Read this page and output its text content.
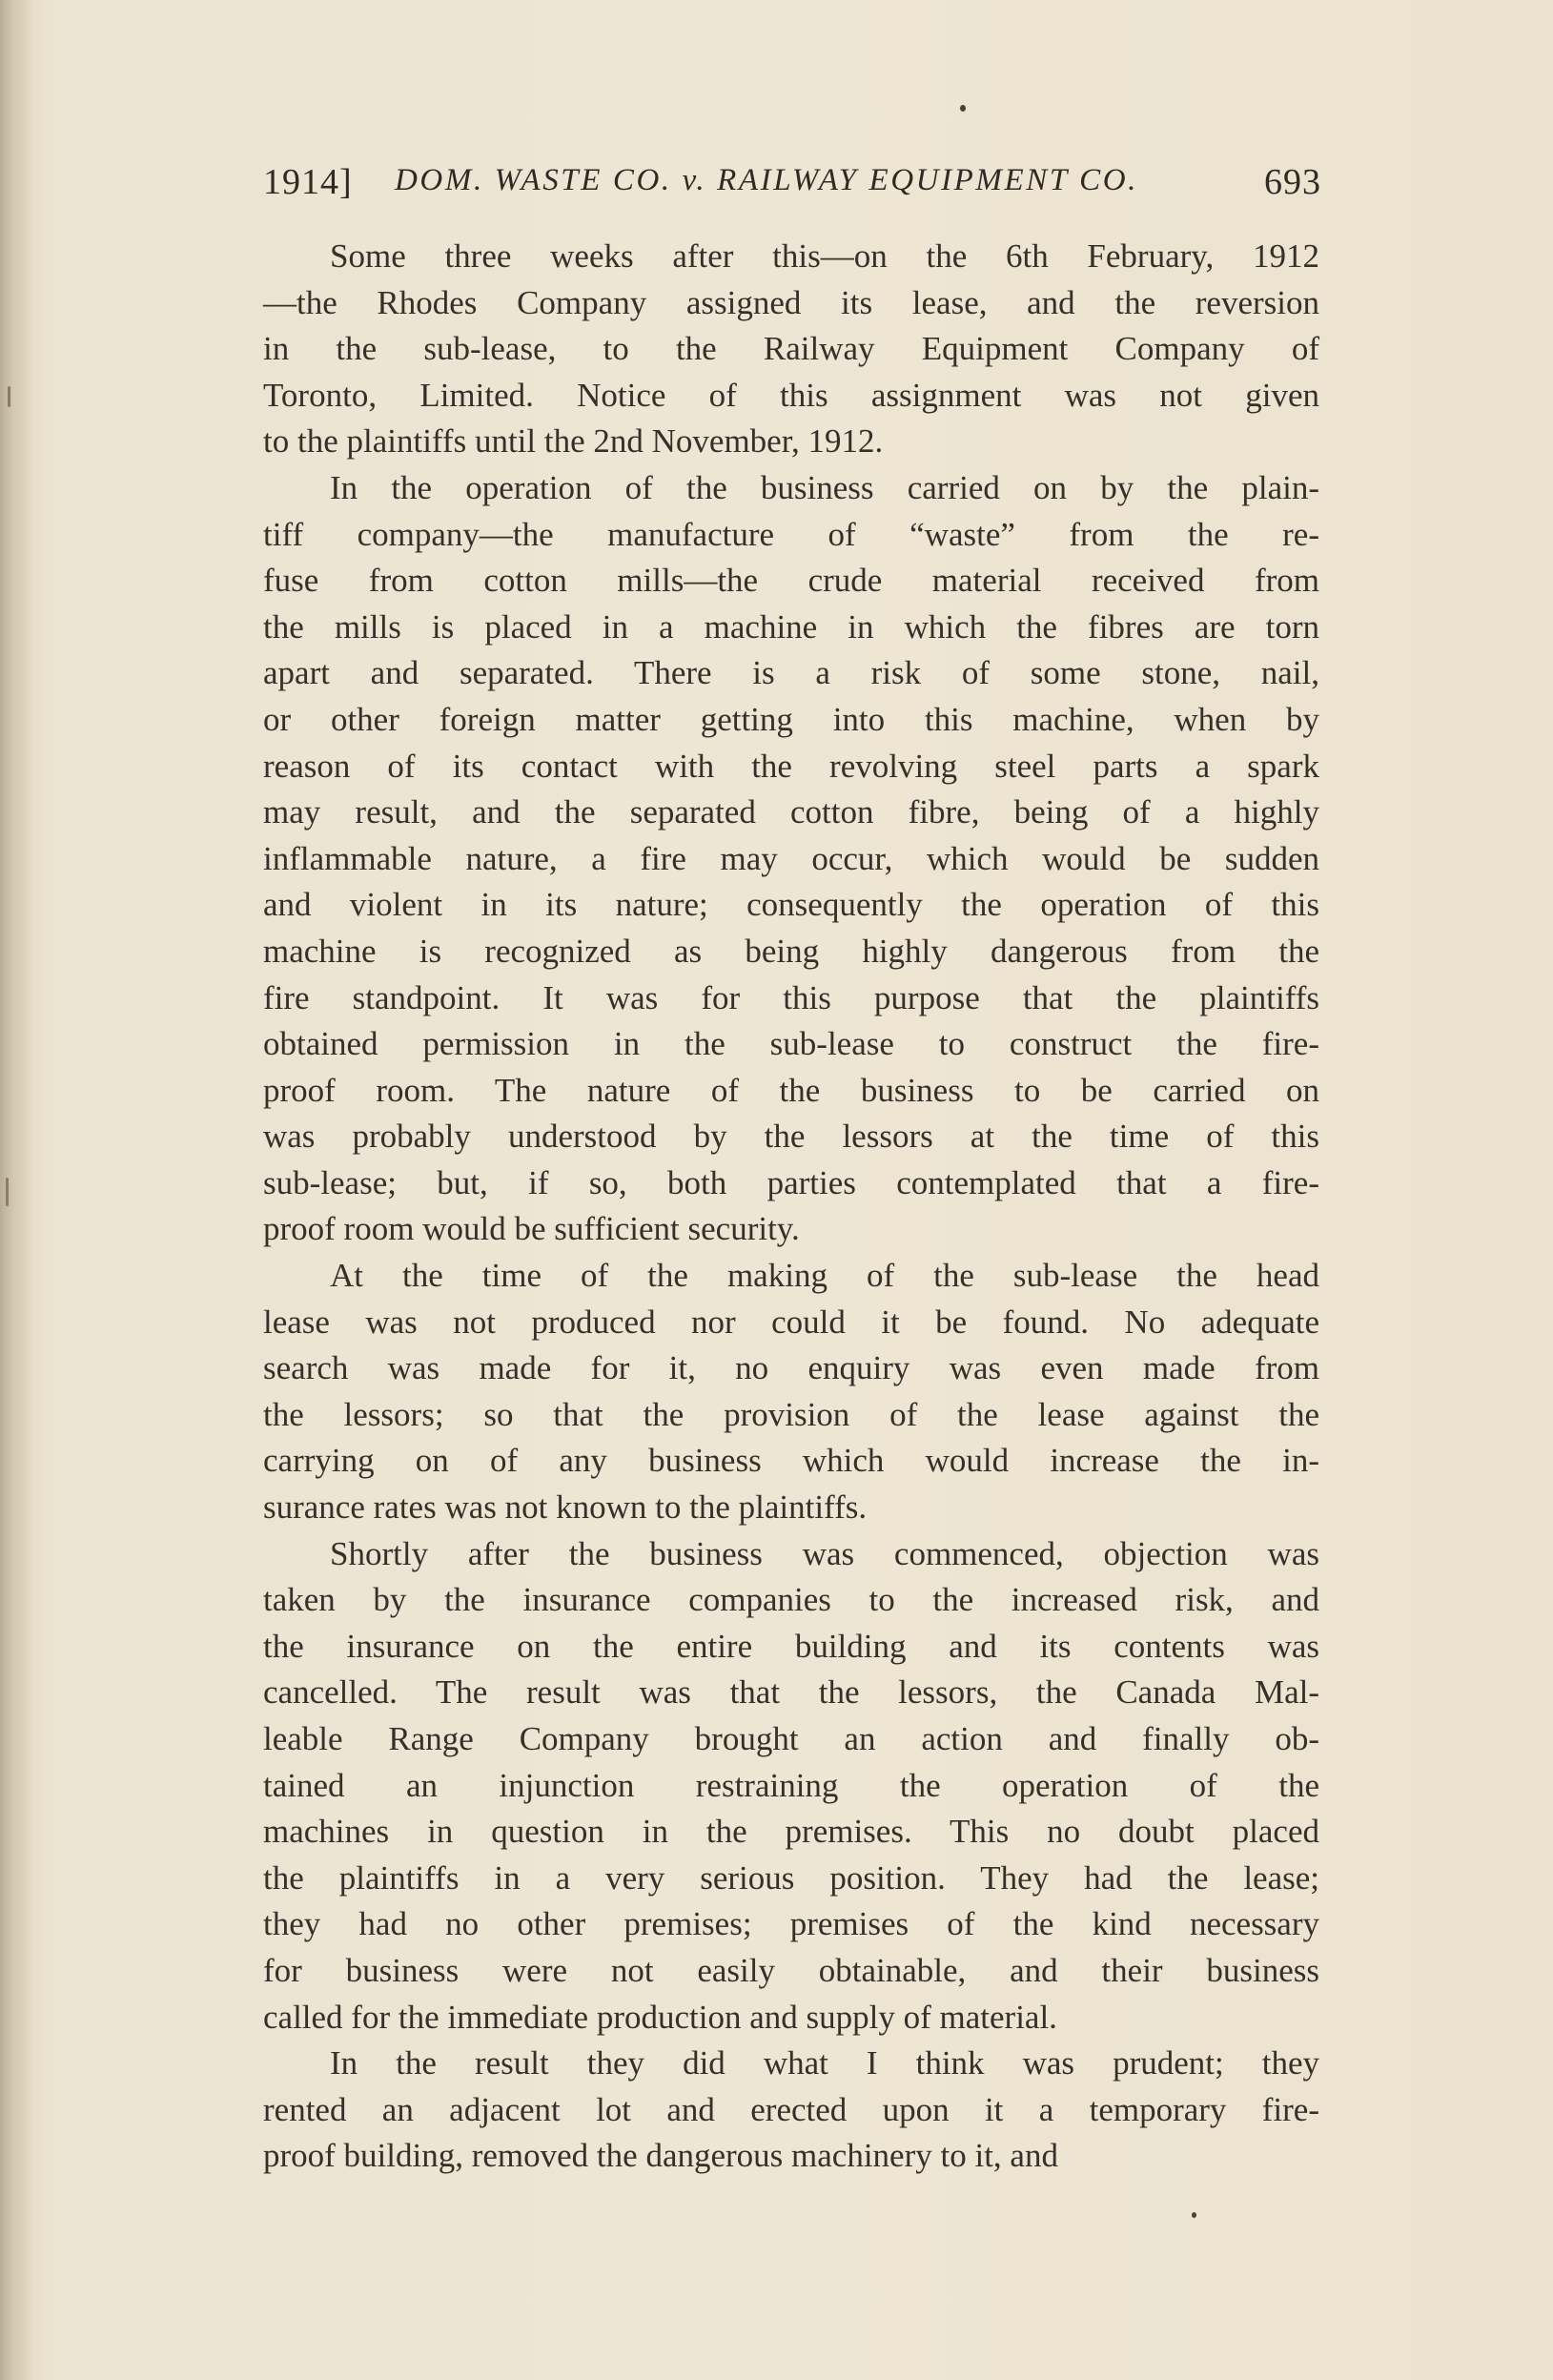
1914] DOM. WASTE CO. v. RAILWAY EQUIPMENT CO.	693

Some three weeks after this—on the 6th February, 1912
—the Rhodes Company assigned its lease, and the reversion
in the sub-lease, to the Railway Equipment Company of
Toronto, Limited. Notice of this assignment was not given
to the plaintiffs until the 2nd November, 1912.

In the operation of the business carried on by the plain-
tiff company—the manufacture of “waste” from the re-
fuse from cotton mills—the crude material received from
the mills is placed in a machine in which the fibres are torn
apart and separated. There is a risk of some stone, nail,
or other foreign matter getting into this machine, when by
reason of its contact with the revolving steel parts a spark
may result, and the separated cotton fibre, being of a highly
inflammable nature, a fire may occur, which would be sudden
and violent in its nature; consequently the operation of this
machine is recognized as being highly dangerous from the
fire standpoint. It was for this purpose that the plaintiffs
obtained permission in the sub-lease to construct the fire-
proof room. The nature of the business to be carried on
was probably understood by the lessors at the time of this
sub-lease; but, if so, both parties contemplated that a fire-
proof room would be sufficient security.

At the time of the making of the sub-lease the head
lease was not produced nor could it be found. No adequate
search was made for it, no enquiry was even made from
the lessors; so that the provision of the lease against the
carrying on of any business which would increase the in-
surance rates was not known to the plaintiffs.

Shortly after the business was commenced, objection was
taken by the insurance companies to the increased risk, and
the insurance on the entire building and its contents was
cancelled. The result was that the lessors, the Canada Mal-
leable Range Company brought an action and finally ob-
tained an injunction restraining the operation of the
machines in question in the premises. This no doubt placed
the plaintiffs in a very serious position. They had the lease;
they had no other premises; premises of the kind necessary
for business were not easily obtainable, and their business
called for the immediate production and supply of material.

In the result they did what I think was prudent; they
rented an adjacent lot and erected upon it a temporary fire-
proof building, removed the dangerous machinery to it, and
